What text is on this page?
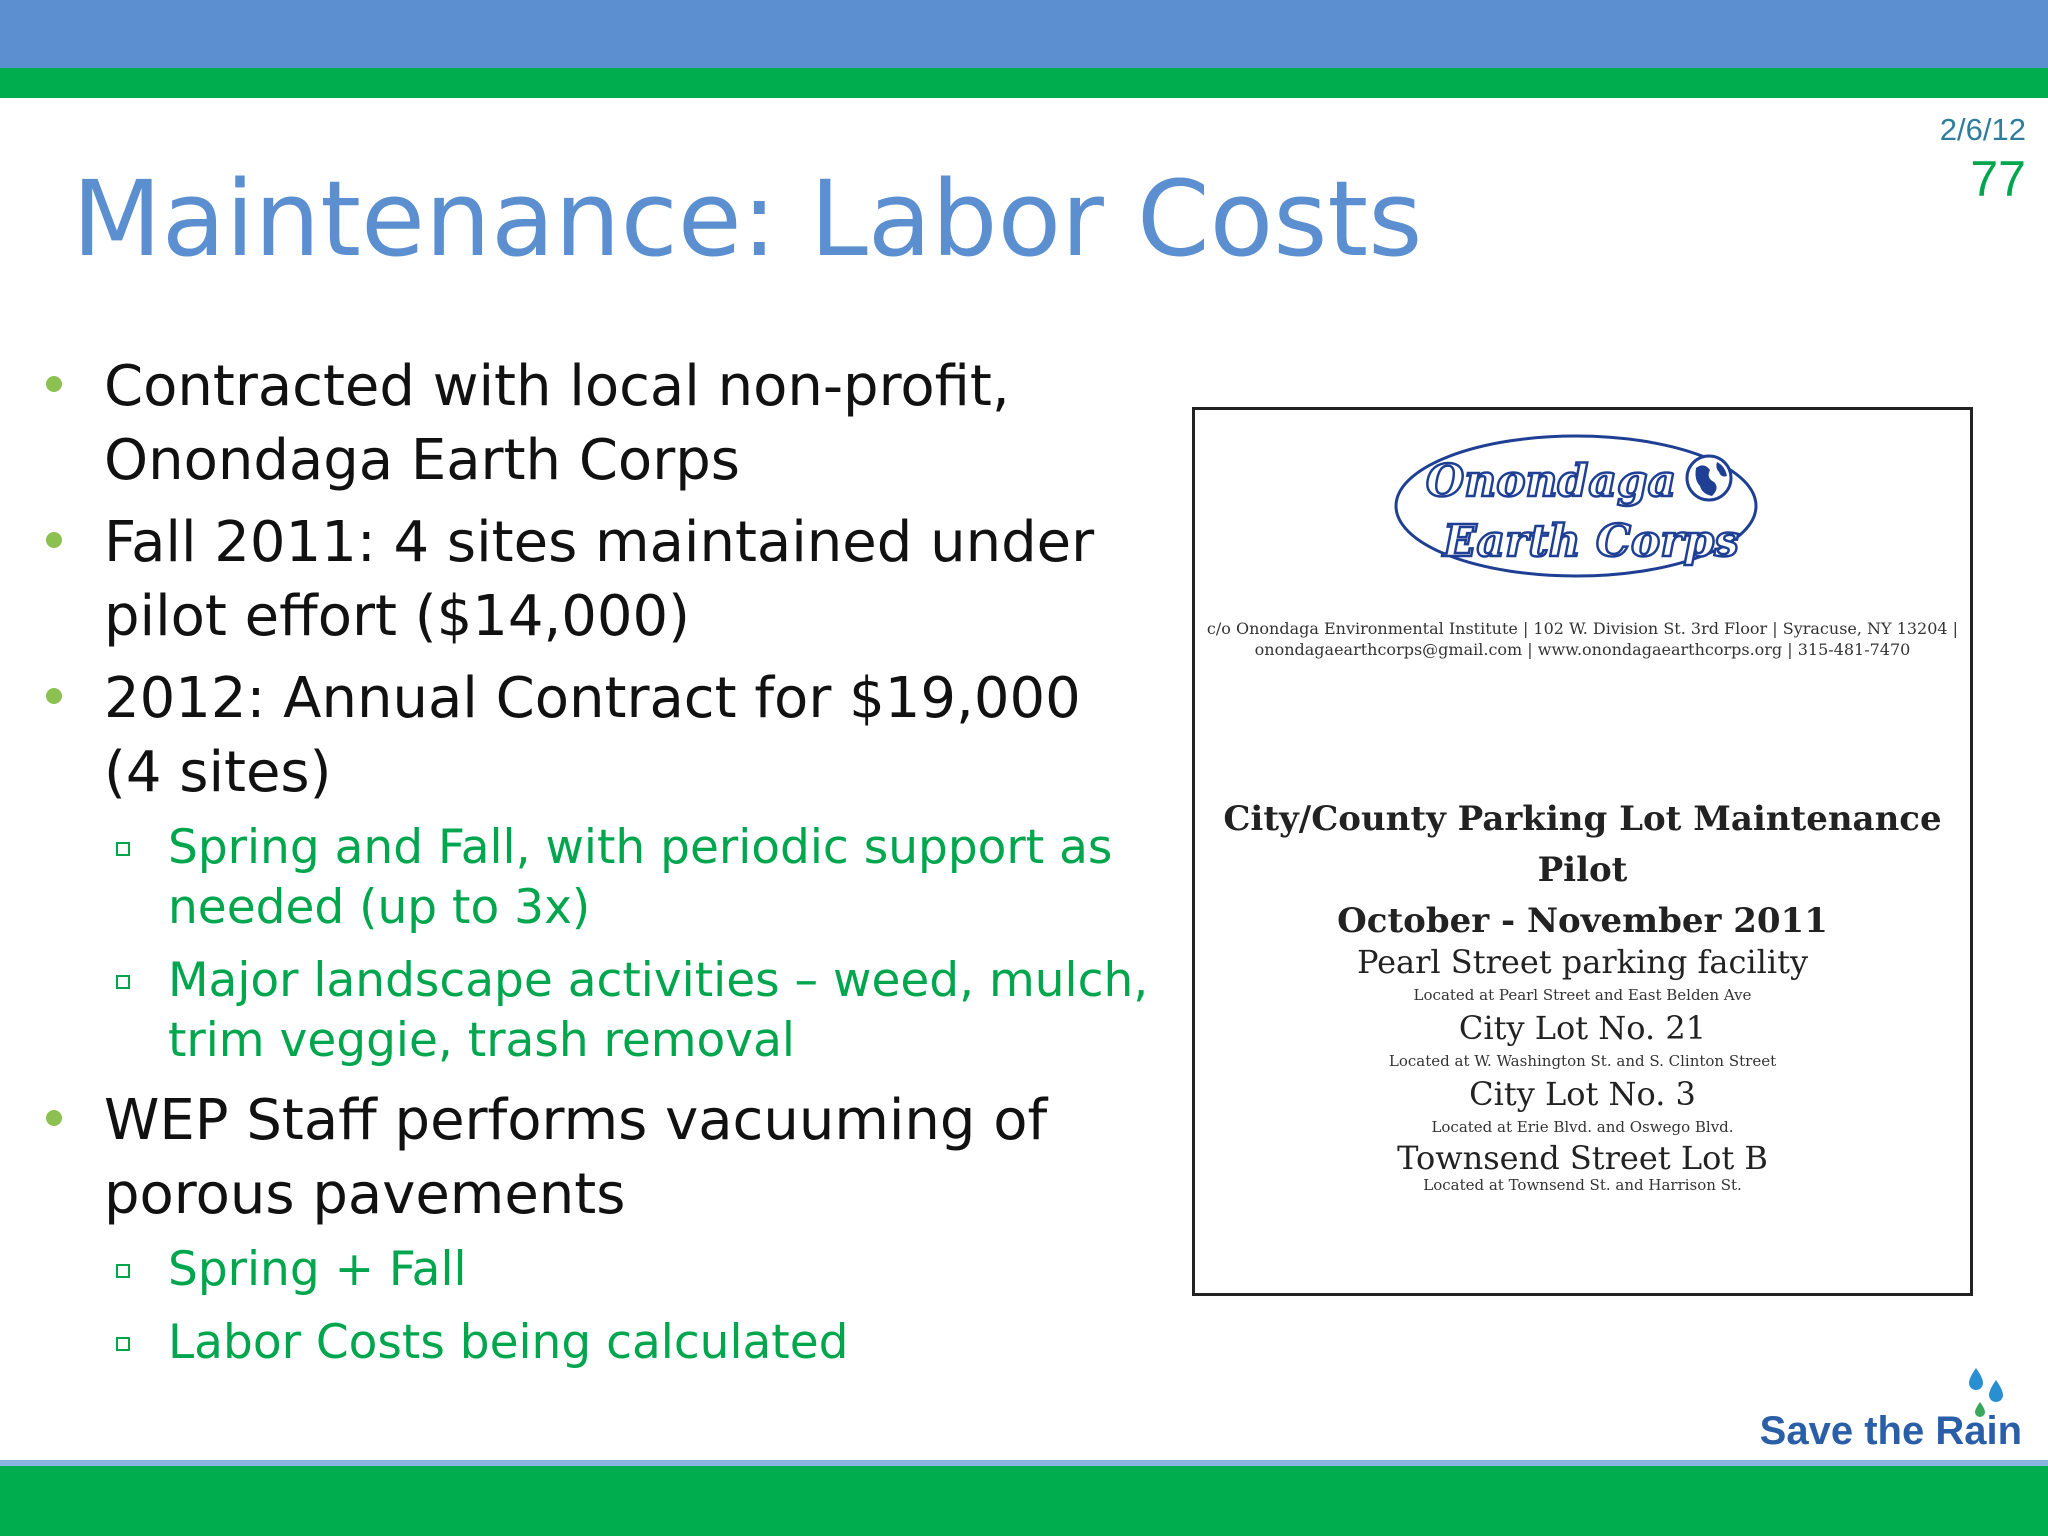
2/6/12
77
Maintenance: Labor Costs
Contracted with local non-profit, Onondaga Earth Corps
Fall 2011: 4 sites maintained under pilot effort ($14,000)
2012: Annual Contract for $19,000 (4 sites)
Spring and Fall, with periodic support as needed (up to 3x)
Major landscape activities – weed, mulch, trim veggie, trash removal
WEP Staff performs vacuuming of porous pavements
Spring + Fall
Labor Costs being calculated
Onondaga
Earth Corps
c/o Onondaga Environmental Institute | 102 W. Division St. 3rd Floor | Syracuse, NY 13204 |
onondagaearthcorps@gmail.com | www.onondagaearthcorps.org | 315-481-7470
City/County Parking Lot Maintenance Pilot
October - November 2011
Pearl Street parking facility
Located at Pearl Street and East Belden Ave
City Lot No. 21
Located at W. Washington St. and S. Clinton Street
City Lot No. 3
Located at Erie Blvd. and Oswego Blvd.
Townsend Street Lot B
Located at Townsend St. and Harrison St.
Save the Rain
